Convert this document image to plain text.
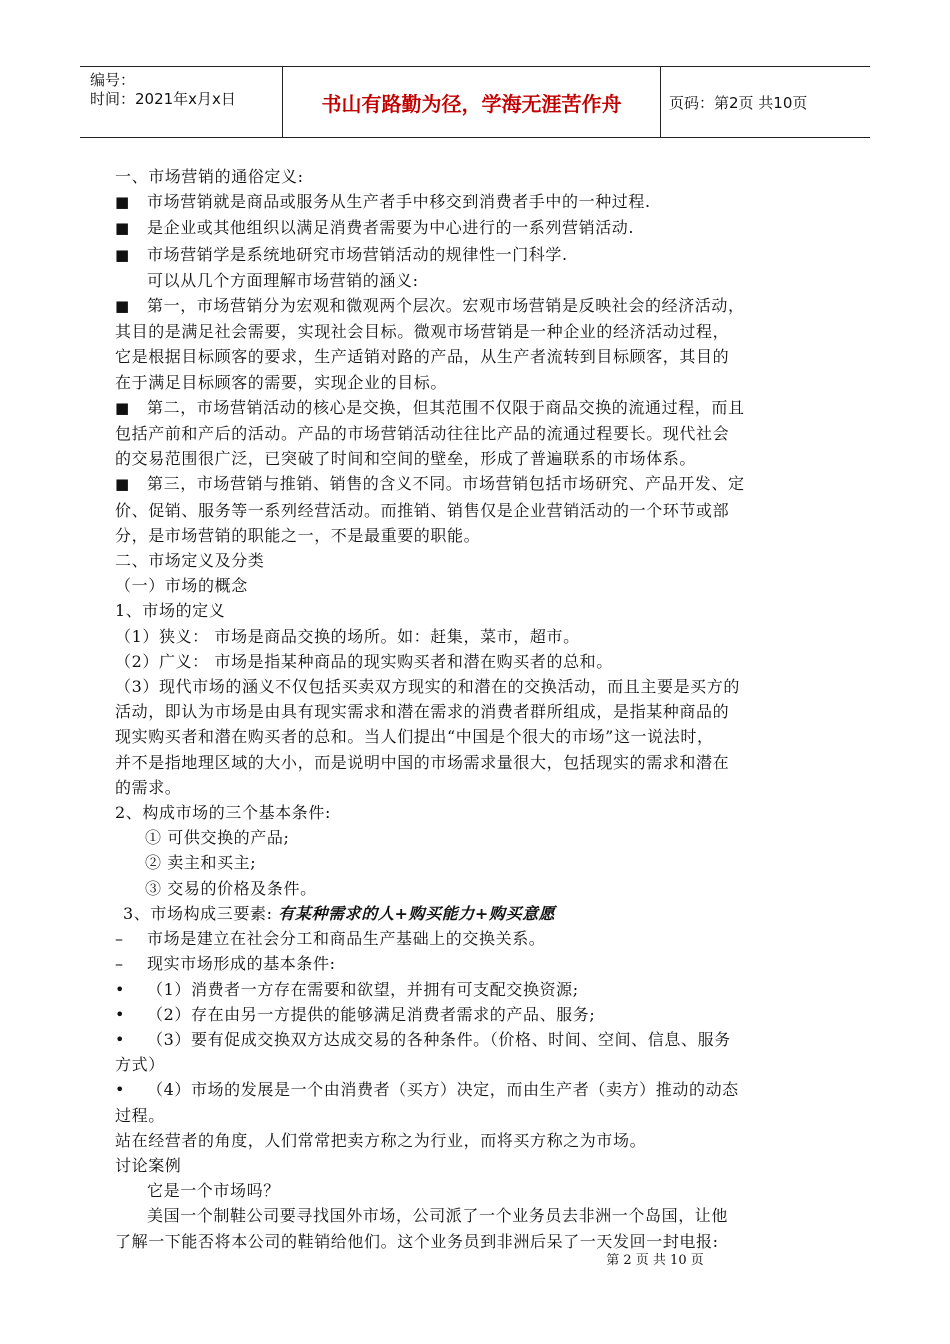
编号：
时间：2021年x月x日	书山有路勤为径，学海无涯苦作舟	页码：第2页 共10页
一、市场营销的通俗定义:
■ 市场营销就是商品或服务从生产者手中移交到消费者手中的一种过程.
■ 是企业或其他组织以满足消费者需要为中心进行的一系列营销活动.
■ 市场营销学是系统地研究市场营销活动的规律性一门科学.
可以从几个方面理解市场营销的涵义:
■ 第一，市场营销分为宏观和微观两个层次。宏观市场营销是反映社会的经济活动，
其目的是满足社会需要，实现社会目标。微观市场营销是一种企业的经济活动过程，
它是根据目标顾客的要求，生产适销对路的产品，从生产者流转到目标顾客，其目的
在于满足目标顾客的需要，实现企业的目标。
■ 第二，市场营销活动的核心是交换，但其范围不仅限于商品交换的流通过程，而且
包括产前和产后的活动。产品的市场营销活动往往比产品的流通过程要长。现代社会
的交易范围很广泛，已突破了时间和空间的壁垒，形成了普遍联系的市场体系。
■ 第三，市场营销与推销、销售的含义不同。市场营销包括市场研究、产品开发、定
价、促销、服务等一系列经营活动。而推销、销售仅是企业营销活动的一个环节或部
分，是市场营销的职能之一，不是最重要的职能。
二、市场定义及分类
（一）市场的概念
1、市场的定义
（1）狭义： 市场是商品交换的场所。如：赶集，菜市，超市。
（2）广义： 市场是指某种商品的现实购买者和潜在购买者的总和。
（3）现代市场的涵义不仅包括买卖双方现实的和潜在的交换活动，而且主要是买方的
活动，即认为市场是由具有现实需求和潜在需求的消费者群所组成，是指某种商品的
现实购买者和潜在购买者的总和。当人们提出“中国是个很大的市场”这一说法时，
并不是指地理区域的大小，而是说明中国的市场需求量很大，包括现实的需求和潜在
的需求。
2、构成市场的三个基本条件:
① 可供交换的产品;
② 卖主和买主;
③ 交易的价格及条件。
3、市场构成三要素: 有某种需求的人+购买能力+购买意愿
– 市场是建立在社会分工和商品生产基础上的交换关系。
– 现实市场形成的基本条件:
• （1）消费者一方存在需要和欲望，并拥有可支配交换资源;
• （2）存在由另一方提供的能够满足消费者需求的产品、服务;
• （3）要有促成交换双方达成交易的各种条件。（价格、时间、空间、信息、服务
方式）
• （4）市场的发展是一个由消费者（买方）决定，而由生产者（卖方）推动的动态
过程。
站在经营者的角度，人们常常把卖方称之为行业，而将买方称之为市场。
讨论案例
它是一个市场吗？
美国一个制鞋公司要寻找国外市场，公司派了一个业务员去非洲一个岛国，让他
了解一下能否将本公司的鞋销给他们。这个业务员到非洲后呆了一天发回一封电报:
第 2 页 共 10 页
